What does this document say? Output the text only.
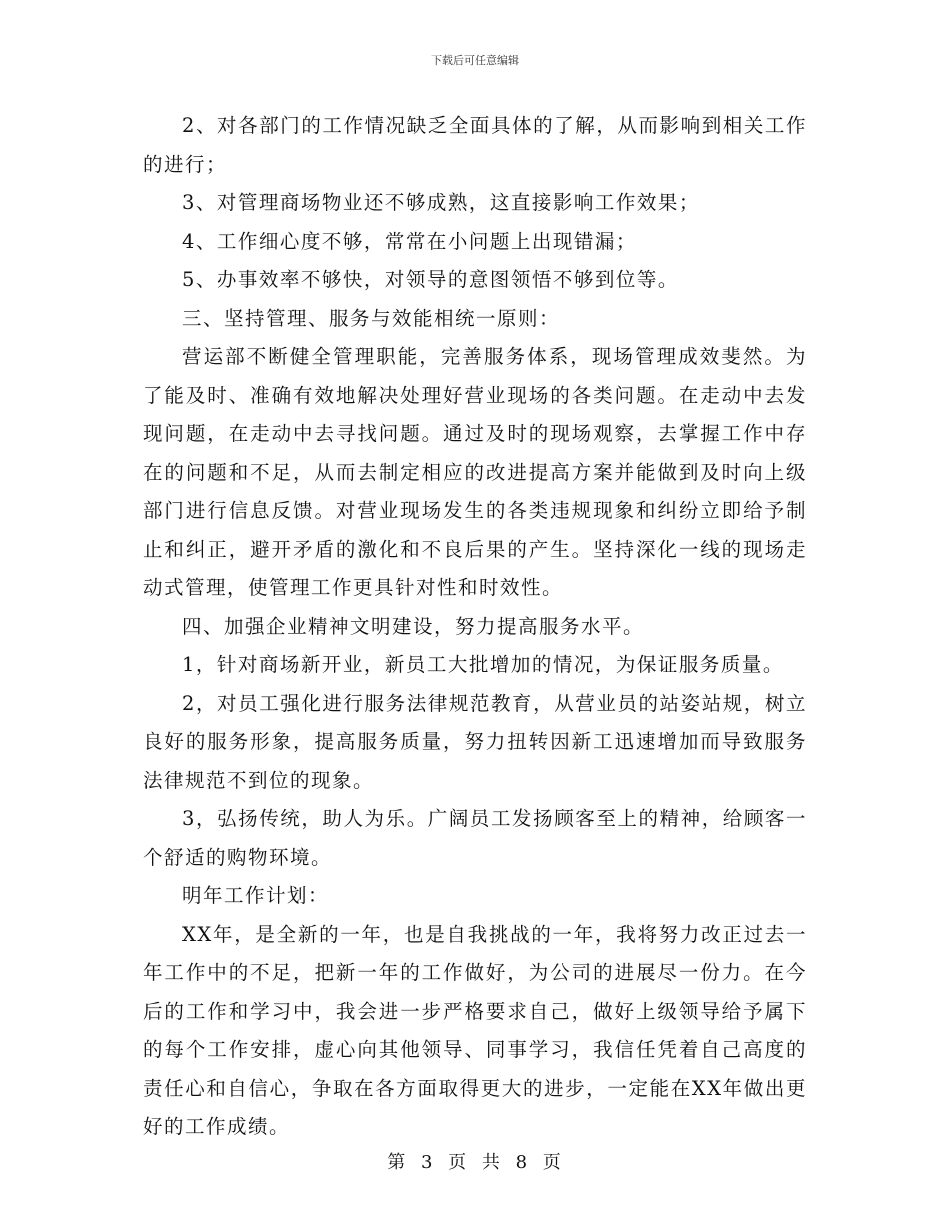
下载后可任意编辑

2、对各部门的工作情况缺乏全面具体的了解，从而影响到相关工作的进行；

3、对管理商场物业还不够成熟，这直接影响工作效果；

4、工作细心度不够，常常在小问题上出现错漏；

5、办事效率不够快，对领导的意图领悟不够到位等。

三、坚持管理、服务与效能相统一原则：

营运部不断健全管理职能，完善服务体系，现场管理成效斐然。为了能及时、准确有效地解决处理好营业现场的各类问题。在走动中去发现问题，在走动中去寻找问题。通过及时的现场观察，去掌握工作中存在的问题和不足，从而去制定相应的改进提高方案并能做到及时向上级部门进行信息反馈。对营业现场发生的各类违规现象和纠纷立即给予制止和纠正，避开矛盾的激化和不良后果的产生。坚持深化一线的现场走动式管理，使管理工作更具针对性和时效性。

四、加强企业精神文明建设，努力提高服务水平。

1，针对商场新开业，新员工大批增加的情况，为保证服务质量。

2，对员工强化进行服务法律规范教育，从营业员的站姿站规，树立良好的服务形象，提高服务质量，努力扭转因新工迅速增加而导致服务法律规范不到位的现象。

3，弘扬传统，助人为乐。广阔员工发扬顾客至上的精神，给顾客一个舒适的购物环境。

明年工作计划：

XX年，是全新的一年，也是自我挑战的一年，我将努力改正过去一年工作中的不足，把新一年的工作做好，为公司的进展尽一份力。在今后的工作和学习中，我会进一步严格要求自己，做好上级领导给予属下的每个工作安排，虚心向其他领导、同事学习，我信任凭着自己高度的责任心和自信心，争取在各方面取得更大的进步，一定能在XX年做出更好的工作成绩。

第 3 页 共 8 页
